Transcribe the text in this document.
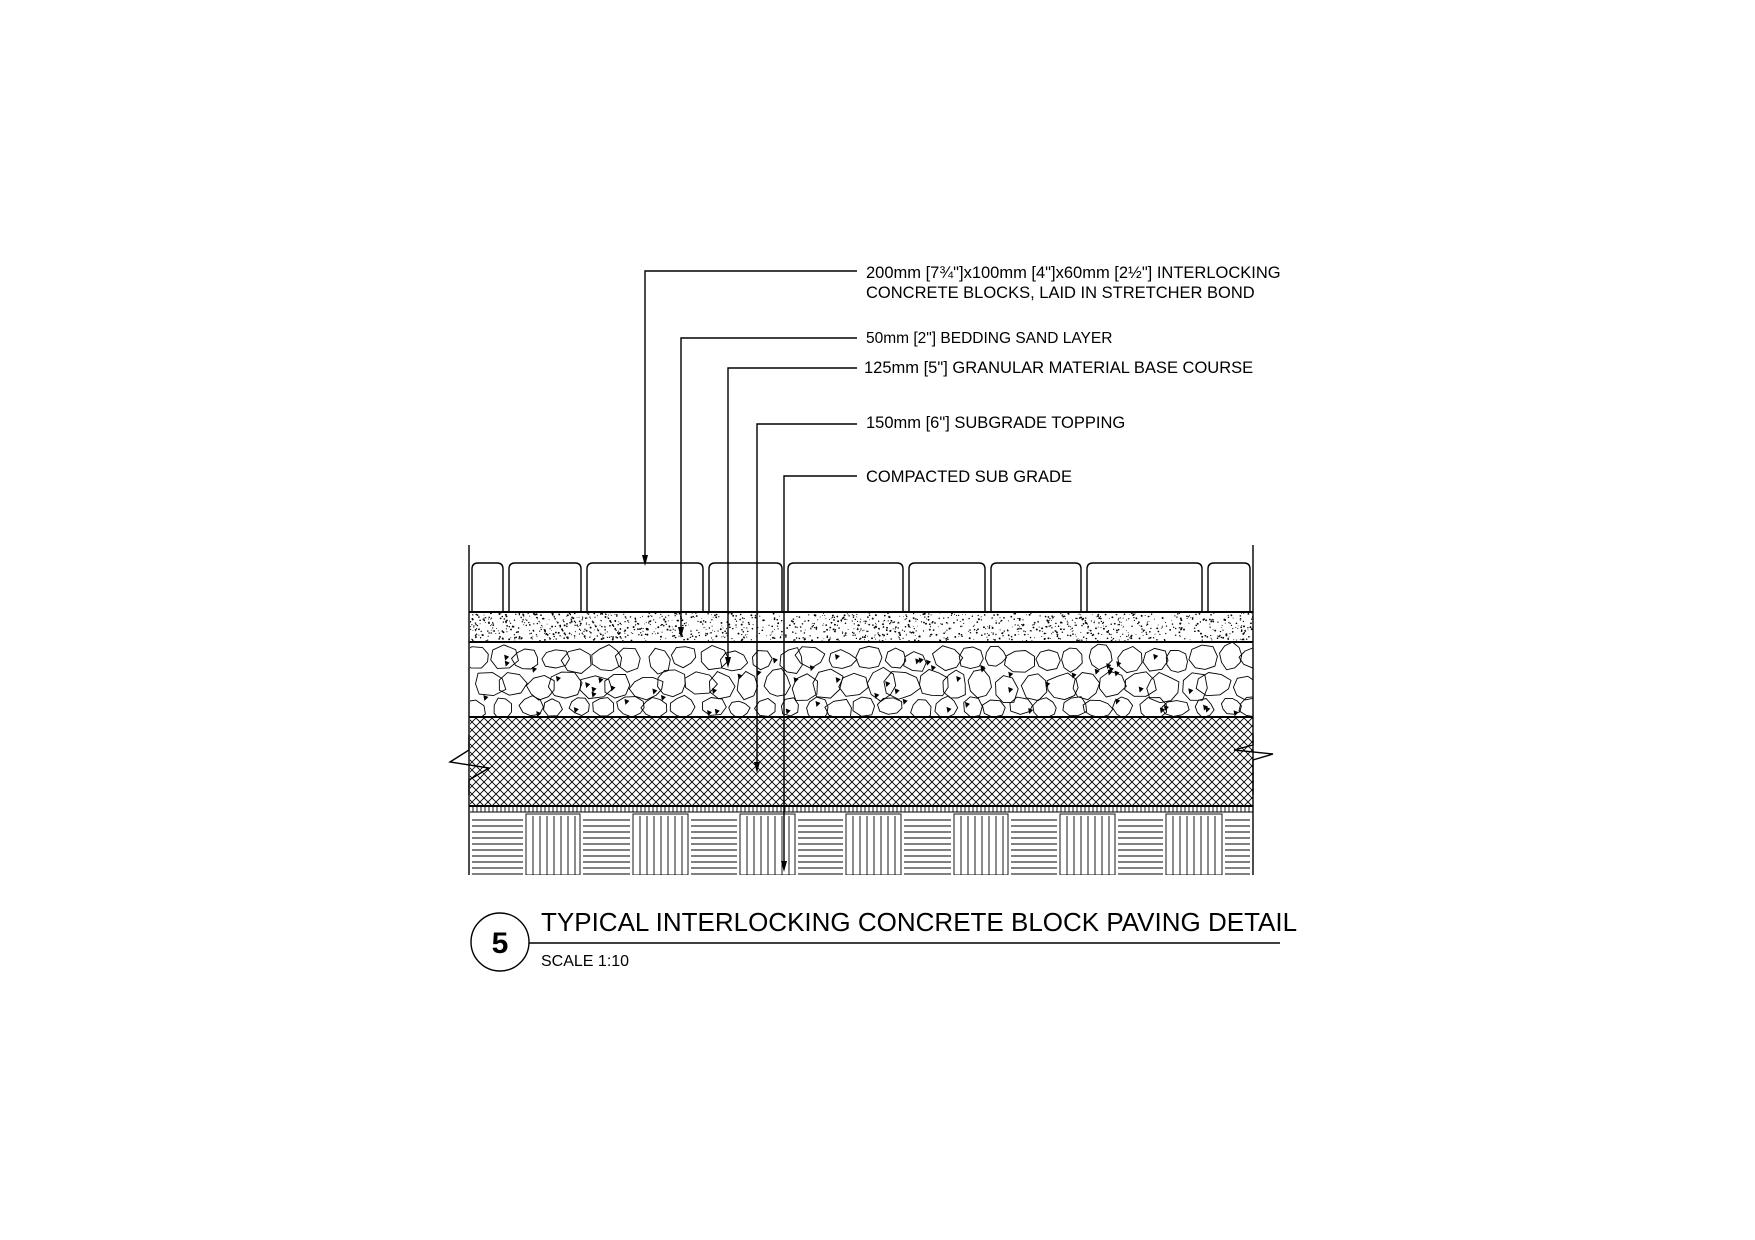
200mm [7¾"]x100mm [4"]x60mm [2½"] INTERLOCKING
CONCRETE BLOCKS, LAID IN STRETCHER BOND
50mm [2"] BEDDING SAND LAYER
125mm [5"] GRANULAR MATERIAL BASE COURSE
150mm [6"] SUBGRADE TOPPING
COMPACTED SUB GRADE
5
TYPICAL INTERLOCKING CONCRETE BLOCK PAVING DETAIL
SCALE 1:10
